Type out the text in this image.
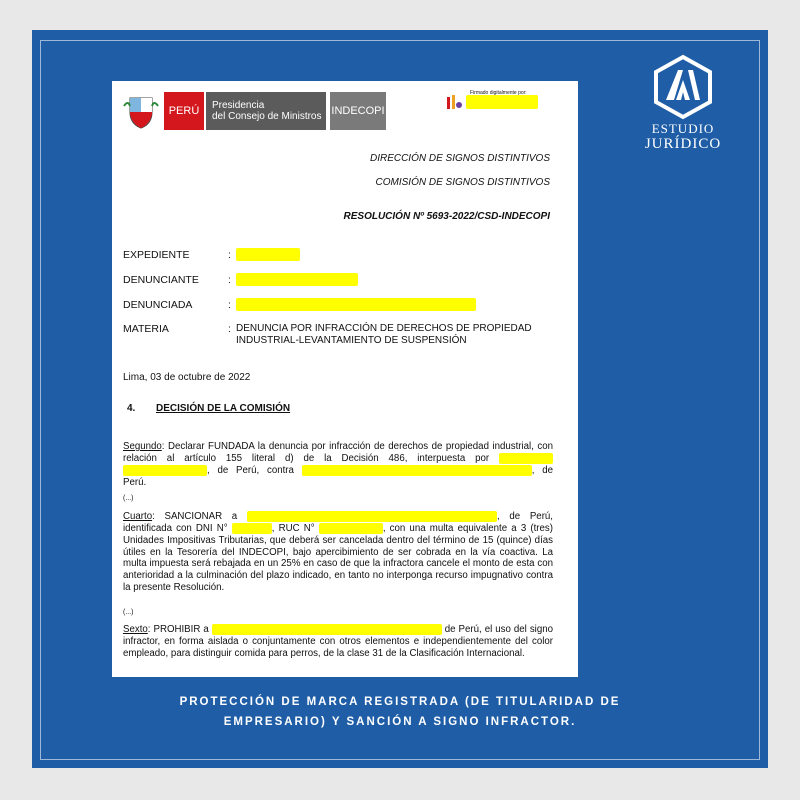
ESTUDIO
JURÍDICO
PERÚ	Presidencia
del Consejo de Ministros INDECOPI
Firmado digitalmente por:
DIRECCIÓN DE SIGNOS DISTINTIVOS
COMISIÓN DE SIGNOS DISTINTIVOS
RESOLUCIÓN Nº 5693-2022/CSD-INDECOPI
EXPEDIENTE	:
DENUNCIANTE	:
DENUNCIADA	:
MATERIA	: DENUNCIA POR INFRACCIÓN DE DERECHOS DE PROPIEDAD
INDUSTRIAL-LEVANTAMIENTO DE SUSPENSIÓN
Lima, 03 de octubre de 2022
4. DECISIÓN DE LA COMISIÓN
Segundo: Declarar FUNDADA la denuncia por infracción de derechos de propiedad industrial, con relación al artículo 155 literal d) de la Decisión 486, interpuesta por  , de Perú, contra	, de Perú.
(...)
Cuarto: SANCIONAR a	, de Perú, identificada con DNI N°	, RUC N°	, con una multa equivalente a 3 (tres) Unidades Impositivas Tributarias, que deberá ser cancelada dentro del término de 15 (quince) días útiles en la Tesorería del INDECOPI, bajo apercibimiento de ser cobrada en la vía coactiva. La multa impuesta será rebajada en un 25% en caso de que la infractora cancele el monto de esta con anterioridad a la culminación del plazo indicado, en tanto no interponga recurso impugnativo contra la presente Resolución.
(...)
Sexto: PROHIBIR a	de Perú, el uso del signo infractor, en forma aislada o conjuntamente con otros elementos e independientemente del color empleado, para distinguir comida para perros, de la clase 31 de la Clasificación Internacional.
PROTECCIÓN DE MARCA REGISTRADA (DE TITULARIDAD DE
EMPRESARIO) Y SANCIÓN A SIGNO INFRACTOR.
